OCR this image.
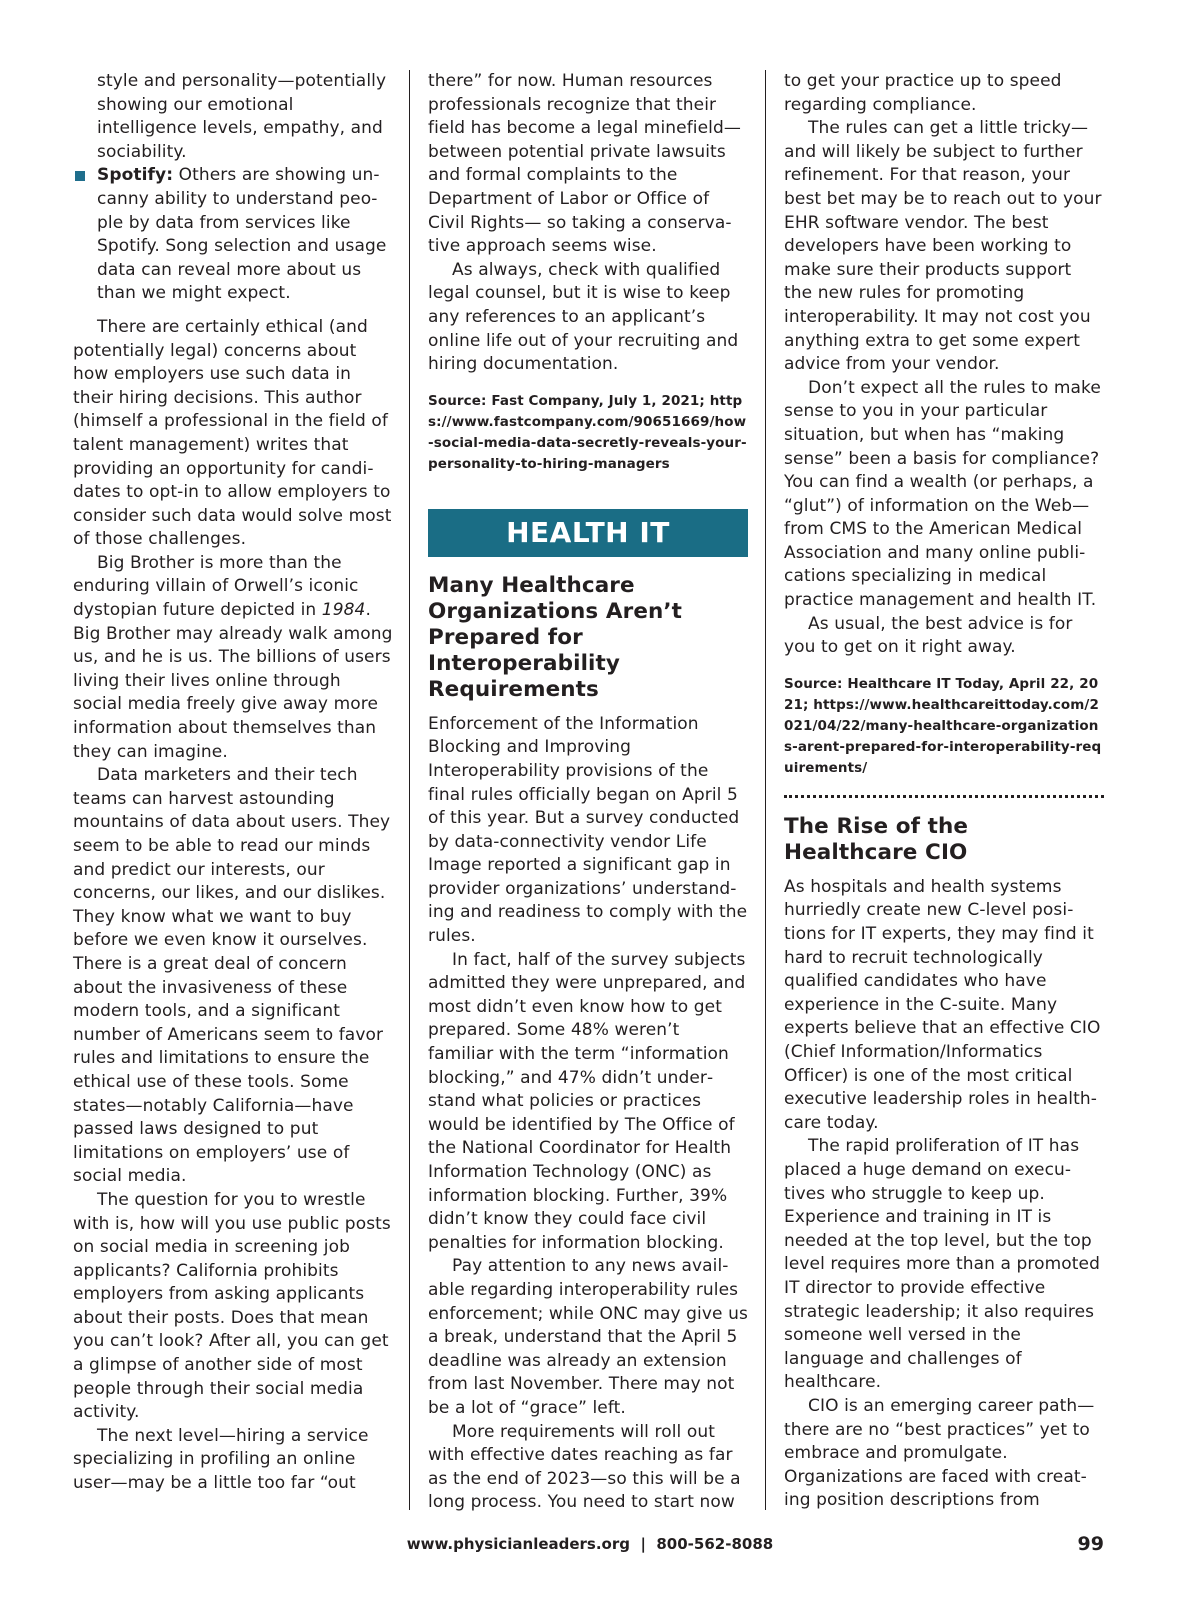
style and personality—potentially showing our emotional intelligence levels, empathy, and sociability.

Spotify: Others are showing uncanny ability to understand people by data from services like Spotify. Song selection and usage data can reveal more about us than we might expect.

There are certainly ethical (and potentially legal) concerns about how employers use such data in their hiring decisions. This author (himself a professional in the field of talent management) writes that providing an opportunity for candidates to opt-in to allow employers to consider such data would solve most of those challenges.

Big Brother is more than the enduring villain of Orwell’s iconic dystopian future depicted in 1984. Big Brother may already walk among us, and he is us. The billions of users living their lives online through social media freely give away more information about themselves than they can imagine.

Data marketers and their tech teams can harvest astounding mountains of data about users. They seem to be able to read our minds and predict our interests, our concerns, our likes, and our dislikes. They know what we want to buy before we even know it ourselves. There is a great deal of concern about the invasiveness of these modern tools, and a significant number of Americans seem to favor rules and limitations to ensure the ethical use of these tools. Some states—notably California—have passed laws designed to put limitations on employers’ use of social media.

The question for you to wrestle with is, how will you use public posts on social media in screening job applicants? California prohibits employers from asking applicants about their posts. Does that mean you can’t look? After all, you can get a glimpse of another side of most people through their social media activity.

The next level—hiring a service specializing in profiling an online user—may be a little too far “out

there” for now. Human resources professionals recognize that their field has become a legal minefield—between potential private lawsuits and formal complaints to the Department of Labor or Office of Civil Rights— so taking a conservative approach seems wise.

As always, check with qualified legal counsel, but it is wise to keep any references to an applicant’s online life out of your recruiting and hiring documentation.

Source: Fast Company, July 1, 2021; https://www.fastcompany.com/90651669/how-social-media-data-secretly-reveals-your-personality-to-hiring-managers
HEALTH IT
Many Healthcare Organizations Aren’t Prepared for Interoperability Requirements

Enforcement of the Information Blocking and Improving Interoperability provisions of the final rules officially began on April 5 of this year. But a survey conducted by data-connectivity vendor Life Image reported a significant gap in provider organizations’ understanding and readiness to comply with the rules.

In fact, half of the survey subjects admitted they were unprepared, and most didn’t even know how to get prepared. Some 48% weren’t familiar with the term “information blocking,” and 47% didn’t understand what policies or practices would be identified by The Office of the National Coordinator for Health Information Technology (ONC) as information blocking. Further, 39% didn’t know they could face civil penalties for information blocking.

Pay attention to any news available regarding interoperability rules enforcement; while ONC may give us a break, understand that the April 5 deadline was already an extension from last November. There may not be a lot of “grace” left.

More requirements will roll out with effective dates reaching as far as the end of 2023—so this will be a long process. You need to start now

to get your practice up to speed regarding compliance.

The rules can get a little tricky—and will likely be subject to further refinement. For that reason, your best bet may be to reach out to your EHR software vendor. The best developers have been working to make sure their products support the new rules for promoting interoperability. It may not cost you anything extra to get some expert advice from your vendor.

Don’t expect all the rules to make sense to you in your particular situation, but when has “making sense” been a basis for compliance? You can find a wealth (or perhaps, a “glut”) of information on the Web—from CMS to the American Medical Association and many online publications specializing in medical practice management and health IT.

As usual, the best advice is for you to get on it right away.

Source: Healthcare IT Today, April 22, 2021; https://www.healthcareittoday.com/2021/04/22/many-healthcare-organizations-arent-prepared-for-interoperability-requirements/
The Rise of the Healthcare CIO

As hospitals and health systems hurriedly create new C-level positions for IT experts, they may find it hard to recruit technologically qualified candidates who have experience in the C-suite. Many experts believe that an effective CIO (Chief Information/Informatics Officer) is one of the most critical executive leadership roles in healthcare today.

The rapid proliferation of IT has placed a huge demand on executives who struggle to keep up. Experience and training in IT is needed at the top level, but the top level requires more than a promoted IT director to provide effective strategic leadership; it also requires someone well versed in the language and challenges of healthcare.

CIO is an emerging career path—there are no “best practices” yet to embrace and promulgate. Organizations are faced with creating position descriptions from

www.physicianleaders.org  |  800-562-8088	99
